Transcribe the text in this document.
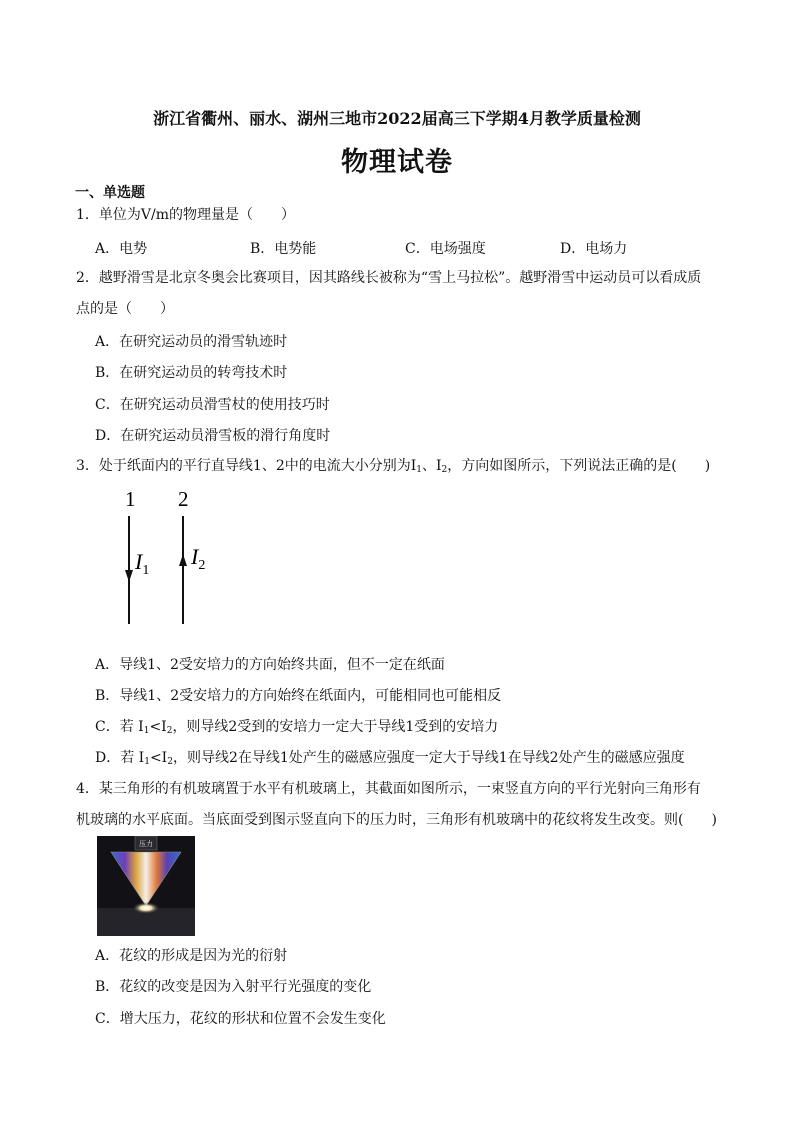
浙江省衢州、丽水、湖州三地市2022届高三下学期4月教学质量检测
物理试卷
一、单选题
1．单位为V/m的物理量是（　　）
A．电势	B．电势能	C．电场强度	D．电场力
2．越野滑雪是北京冬奥会比赛项目，因其路线长被称为“雪上马拉松”。越野滑雪中运动员可以看成质
点的是（　　）
A．在研究运动员的滑雪轨迹时
B．在研究运动员的转弯技术时
C．在研究运动员滑雪杖的使用技巧时
D．在研究运动员滑雪板的滑行角度时
3．处于纸面内的平行直导线1、2中的电流大小分别为$I_1$、$I_2$，方向如图所示，下列说法正确的是(　　)
1 2
$I_1$
$I_2$
A．导线1、2受安培力的方向始终共面，但不一定在纸面
B．导线1、2受安培力的方向始终在纸面内，可能相同也可能相反
C．若 $I_1<I_2$，则导线2受到的安培力一定大于导线1受到的安培力
D．若 $I_1<I_2$，则导线2在导线1处产生的磁感应强度一定大于导线1在导线2处产生的磁感应强度
4．某三角形的有机玻璃置于水平有机玻璃上，其截面如图所示，一束竖直方向的平行光射向三角形有
机玻璃的水平底面。当底面受到图示竖直向下的压力时，三角形有机玻璃中的花纹将发生改变。则(　　)
压力
A．花纹的形成是因为光的衍射
B．花纹的改变是因为入射平行光强度的变化
C．增大压力，花纹的形状和位置不会发生变化
